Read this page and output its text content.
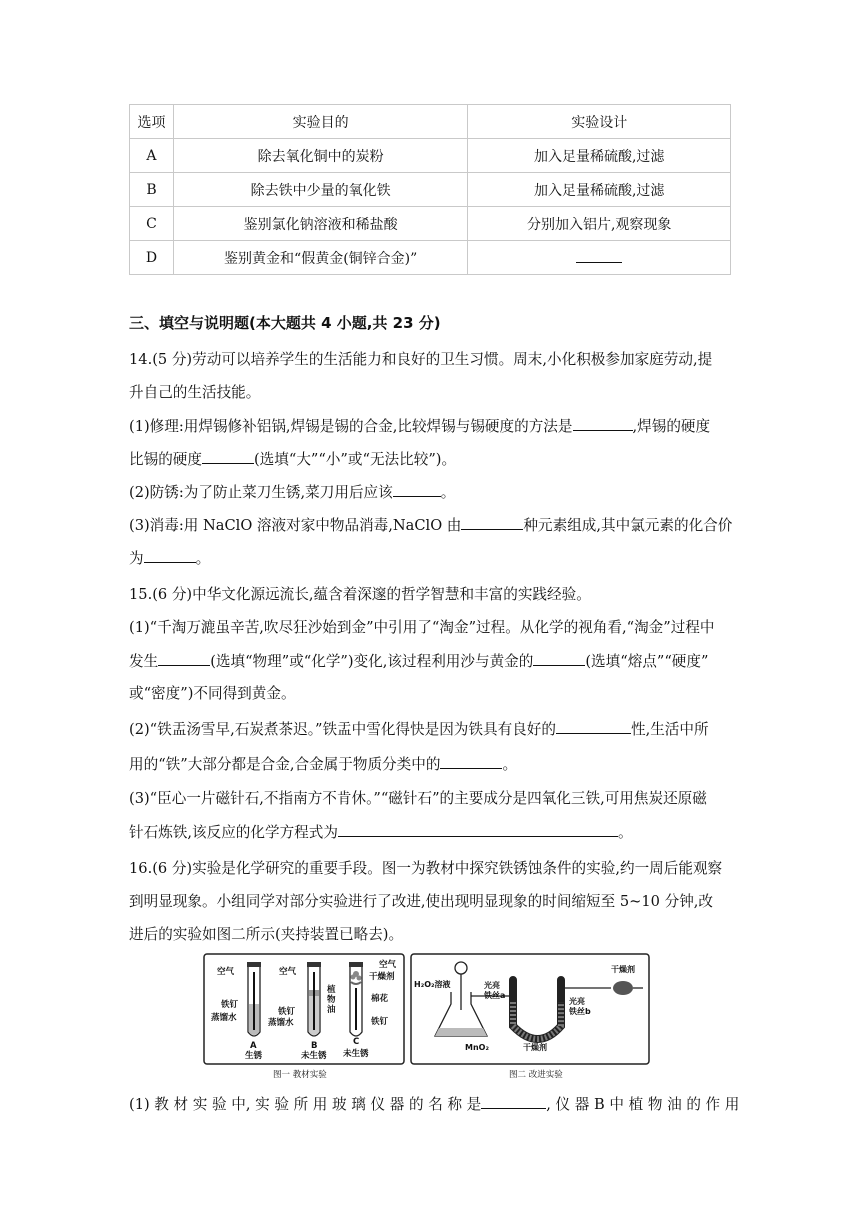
选项	实验目的	实验设计
A	除去氧化铜中的炭粉	加入足量稀硫酸,过滤
B	除去铁中少量的氧化铁	加入足量稀硫酸,过滤
C	鉴别氯化钠溶液和稀盐酸	分别加入铝片,观察现象
D	鉴别黄金和“假黄金(铜锌合金)”	
三、填空与说明题(本大题共 4 小题,共 23 分)
14.(5 分)劳动可以培养学生的生活能力和良好的卫生习惯。周末,小化积极参加家庭劳动,提
升自己的生活技能。
(1)修理:用焊锡修补铝锅,焊锡是锡的合金,比较焊锡与锡硬度的方法是	,焊锡的硬度
比锡的硬度	(选填“大”“小”或“无法比较”)。
(2)防锈:为了防止菜刀生锈,菜刀用后应该	。
(3)消毒:用 NaClO 溶液对家中物品消毒,NaClO 由	种元素组成,其中氯元素的化合价
为	。
15.(6 分)中华文化源远流长,蕴含着深邃的哲学智慧和丰富的实践经验。
(1)“千淘万漉虽辛苦,吹尽狂沙始到金”中引用了“淘金”过程。从化学的视角看,“淘金”过程中
发生	(选填“物理”或“化学”)变化,该过程利用沙与黄金的	(选填“熔点”“硬度”
或“密度”)不同得到黄金。
(2)“铁盂汤雪早,石炭煮茶迟。”铁盂中雪化得快是因为铁具有良好的	性,生活中所
用的“铁”大部分都是合金,合金属于物质分类中的	。
(3)“臣心一片磁针石,不指南方不肯休。”“磁针石”的主要成分是四氧化三铁,可用焦炭还原磁
针石炼铁,该反应的化学方程式为	。
16.(6 分)实验是化学研究的重要手段。图一为教材中探究铁锈蚀条件的实验,约一周后能观察
到明显现象。小组同学对部分实验进行了改进,使出现明显现象的时间缩短至 5~10 分钟,改
进后的实验如图二所示(夹持装置已略去)。
空气	空气
空气
干燥剂
铁钉
蒸馏水
铁钉
蒸馏水
植
物
油
棉花
铁钉
A
生锈
B
未生锈
C
未生锈
图一 教材实验
H₂O₂溶液	光亮
铁丝a
光亮
铁丝b
干燥剂
MnO₂
干燥剂
图二 改进实验
(1) 教 材 实 验 中, 实 验 所 用 玻 璃 仪 器 的 名 称 是	, 仪 器 B 中 植 物 油 的 作 用
